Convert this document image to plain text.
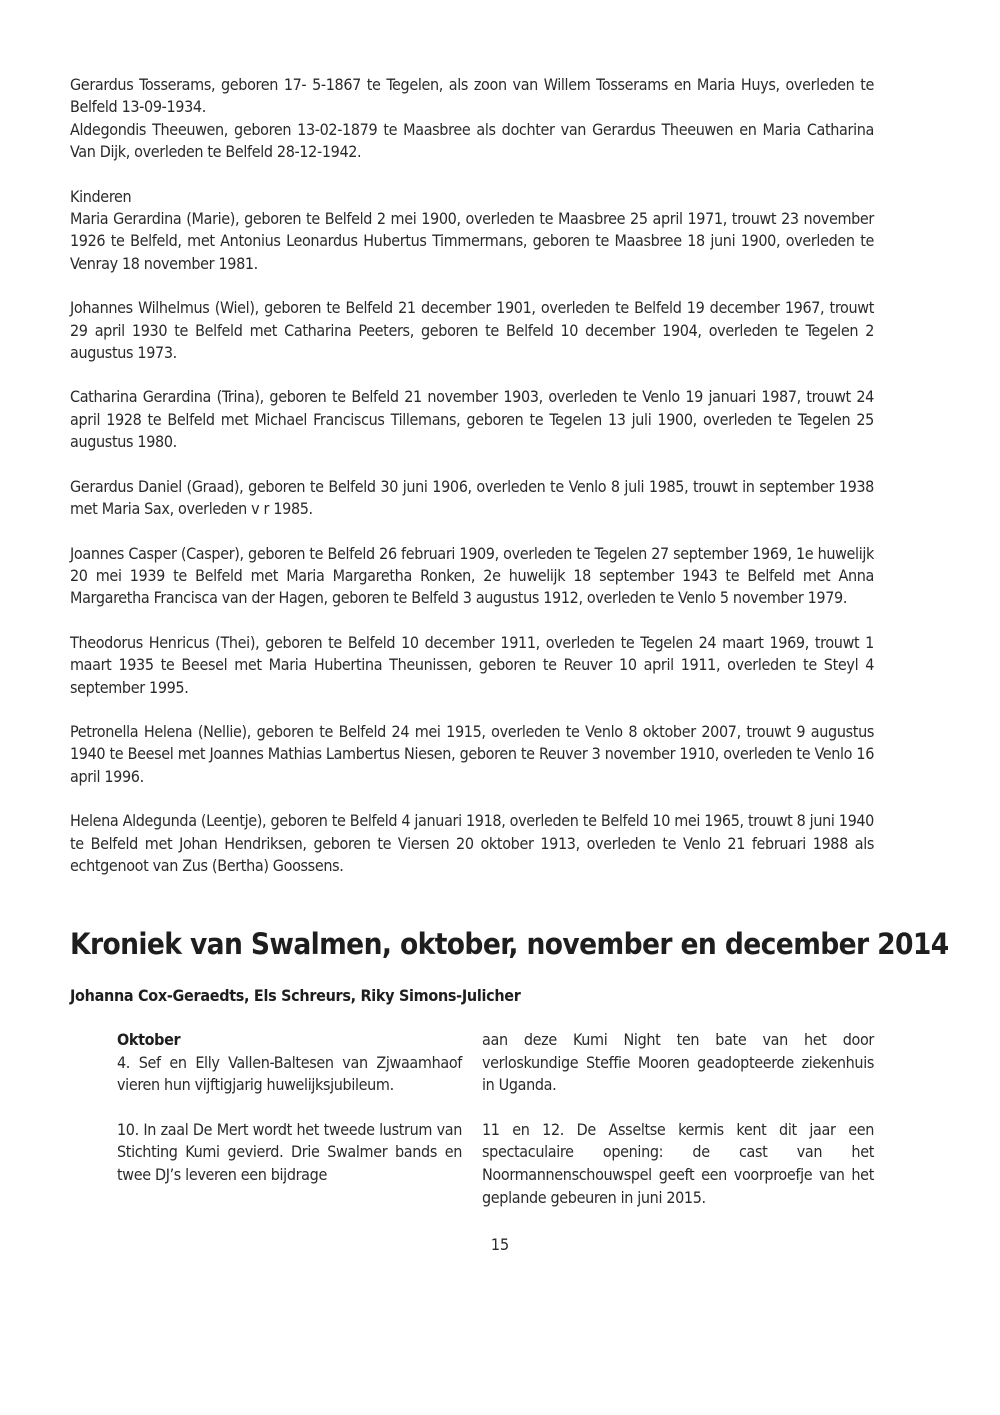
Gerardus Tosserams, geboren 17- 5-1867 te Tegelen, als zoon van Willem Tosserams en Maria Huys, overleden te Belfeld 13-09-1934.

Aldegondis Theeuwen, geboren 13-02-1879 te Maasbree als dochter van Gerardus Theeuwen en Maria Catharina Van Dijk, overleden te Belfeld 28-12-1942.

Kinderen

Maria Gerardina (Marie), geboren te Belfeld 2 mei 1900, overleden te Maasbree 25 april 1971, trouwt 23 november 1926 te Belfeld, met Antonius Leonardus Hubertus Timmermans, geboren te Maasbree 18 juni 1900, overleden te Venray 18 november 1981.

Johannes Wilhelmus (Wiel), geboren te Belfeld 21 december 1901, overleden te Belfeld 19 december 1967, trouwt 29 april 1930 te Belfeld met Catharina Peeters, geboren te Belfeld 10 december 1904, overleden te Tegelen 2 augustus 1973.

Catharina Gerardina (Trina), geboren te Belfeld 21 november 1903, overleden te Venlo 19 januari 1987, trouwt 24 april 1928 te Belfeld met Michael Franciscus Tillemans, geboren te Tegelen 13 juli 1900, overleden te Tegelen 25 augustus 1980.

Gerardus Daniel (Graad), geboren te Belfeld 30 juni 1906, overleden te Venlo 8 juli 1985, trouwt in september 1938 met Maria Sax, overleden v r 1985.

Joannes Casper (Casper), geboren te Belfeld 26 februari 1909, overleden te Tegelen 27 september 1969, 1e huwelijk 20 mei 1939 te Belfeld met Maria Margaretha Ronken, 2e huwelijk 18 september 1943 te Belfeld met Anna Margaretha Francisca van der Hagen, geboren te Belfeld 3 augustus 1912, overleden te Venlo 5 november 1979.

Theodorus Henricus (Thei), geboren te Belfeld 10 december 1911, overleden te Tegelen 24 maart 1969, trouwt 1 maart 1935 te Beesel met Maria Hubertina Theunissen, geboren te Reuver 10 april 1911, overleden te Steyl 4 september 1995.

Petronella Helena (Nellie), geboren te Belfeld 24 mei 1915, overleden te Venlo 8 oktober 2007, trouwt 9 augustus 1940 te Beesel met Joannes Mathias Lambertus Niesen, geboren te Reuver 3 november 1910, overleden te Venlo 16 april 1996.

Helena Aldegunda (Leentje), geboren te Belfeld 4 januari 1918, overleden te Belfeld 10 mei 1965, trouwt 8 juni 1940 te Belfeld met Johan Hendriksen, geboren te Viersen 20 oktober 1913, overleden te Venlo 21 februari 1988 als echtgenoot van Zus (Bertha) Goossens.

Kroniek van Swalmen, oktober, november en december 2014
Johanna Cox-Geraedts, Els Schreurs, Riky Simons-Julicher

Oktober

4. Sef en Elly Vallen-Baltesen van Zjwaamhaof vieren hun vijftigjarig huwelijksjubileum.

10. In zaal De Mert wordt het tweede lustrum van Stichting Kumi gevierd. Drie Swalmer bands en twee DJ’s leveren een bijdrage

aan deze Kumi Night ten bate van het door verloskundige Steffie Mooren geadopteerde ziekenhuis in Uganda.

11 en 12. De Asseltse kermis kent dit jaar een spectaculaire opening: de cast van het Noormannenschouwspel geeft een voorproefje van het geplande gebeuren in juni 2015.

15
